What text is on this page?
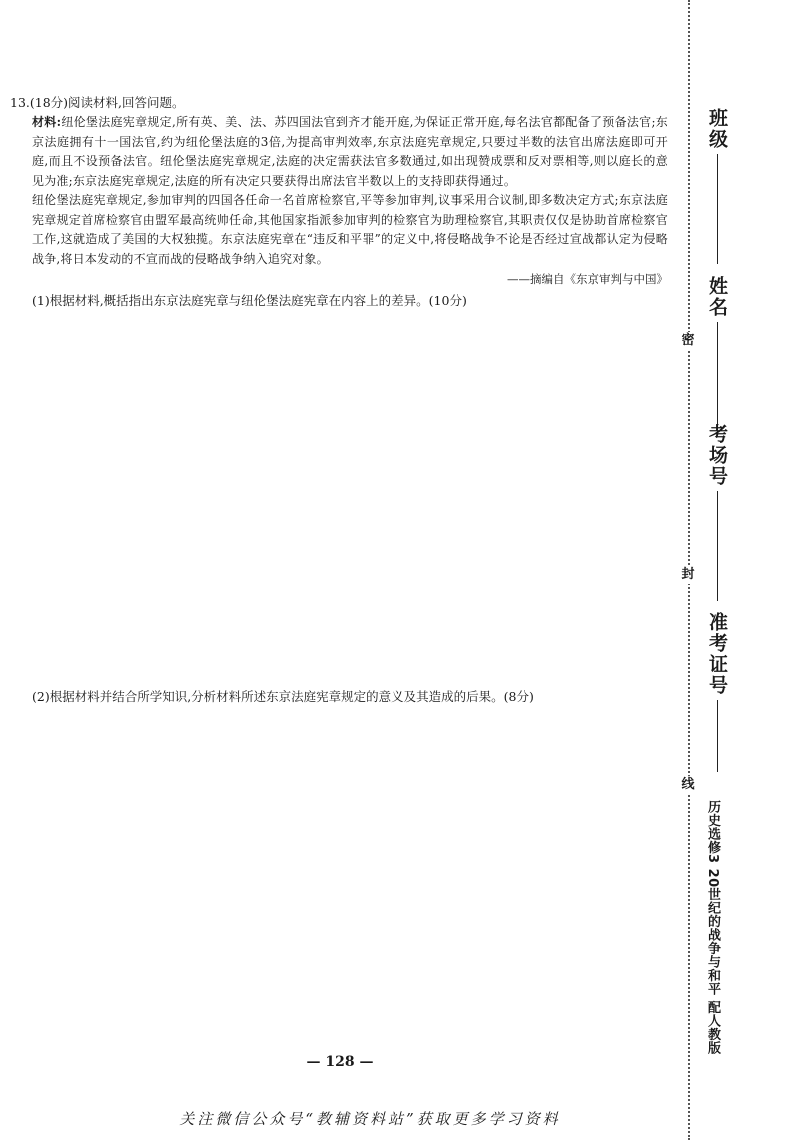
13.(18分)阅读材料,回答问题。
材料:纽伦堡法庭宪章规定,所有英、美、法、苏四国法官到齐才能开庭,为保证正常开庭,每名法官都配备了预备法官;东京法庭拥有十一国法官,约为纽伦堡法庭的3倍,为提高审判效率,东京法庭宪章规定,只要过半数的法官出席法庭即可开庭,而且不设预备法官。纽伦堡法庭宪章规定,法庭的决定需获法官多数通过,如出现赞成票和反对票相等,则以庭长的意见为准;东京法庭宪章规定,法庭的所有决定只要获得出席法官半数以上的支持即获得通过。
纽伦堡法庭宪章规定,参加审判的四国各任命一名首席检察官,平等参加审判,议事采用合议制,即多数决定方式;东京法庭宪章规定首席检察官由盟军最高统帅任命,其他国家指派参加审判的检察官为助理检察官,其职责仅仅是协助首席检察官工作,这就造成了美国的大权独揽。东京法庭宪章在“违反和平罪”的定义中,将侵略战争不论是否经过宣战都认定为侵略战争,将日本发动的不宣而战的侵略战争纳入追究对象。
——摘编自《东京审判与中国》
(1)根据材料,概括指出东京法庭宪章与纽伦堡法庭宪章在内容上的差异。(10分)
(2)根据材料并结合所学知识,分析材料所述东京法庭宪章规定的意义及其造成的后果。(8分)
— 128 —
关注微信公众号“教辅资料站”获取更多学习资料
密
封
线
班级
姓名
考场号
准考证号
历史选修3 20世纪的战争与和平 配人教版
